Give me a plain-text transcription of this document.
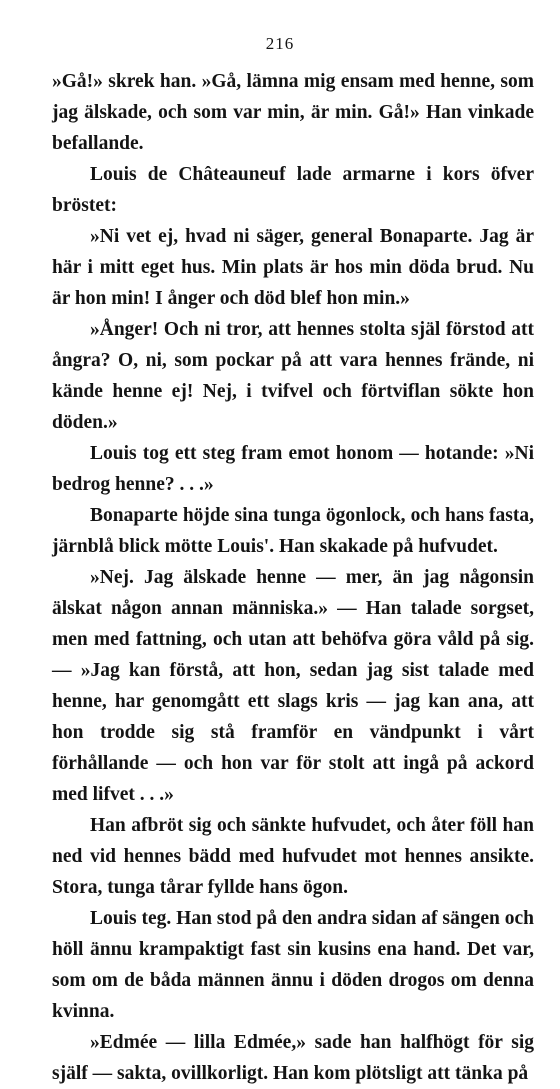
216

»Gå!» skrek han. »Gå, lämna mig ensam med henne, som jag älskade, och som var min, är min. Gå!» Han vinkade befallande.

Louis de Châteauneuf lade armarne i kors öfver bröstet:

»Ni vet ej, hvad ni säger, general Bonaparte. Jag är här i mitt eget hus. Min plats är hos min döda brud. Nu är hon min! I ånger och död blef hon min.»

»Ånger! Och ni tror, att hennes stolta själ förstod att ångra? O, ni, som pockar på att vara hennes frände, ni kände henne ej! Nej, i tvifvel och förtviflan sökte hon döden.»

Louis tog ett steg fram emot honom — hotande: »Ni bedrog henne? . . .»

Bonaparte höjde sina tunga ögonlock, och hans fasta, järnblå blick mötte Louis'. Han skakade på hufvudet.

»Nej. Jag älskade henne — mer, än jag någonsin älskat någon annan människa.» — Han talade sorgset, men med fattning, och utan att behöfva göra våld på sig. — »Jag kan förstå, att hon, sedan jag sist talade med henne, har genomgått ett slags kris — jag kan ana, att hon trodde sig stå framför en vändpunkt i vårt förhållande — och hon var för stolt att ingå på ackord med lifvet . . .»

Han afbröt sig och sänkte hufvudet, och åter föll han ned vid hennes bädd med hufvudet mot hennes ansikte. Stora, tunga tårar fyllde hans ögon.

Louis teg. Han stod på den andra sidan af sängen och höll ännu krampaktigt fast sin kusins ena hand. Det var, som om de båda männen ännu i döden drogos om denna kvinna.

»Edmée — lilla Edmée,» sade han halfhögt för sig själf — sakta, ovillkorligt. Han kom plötsligt att tänka på
